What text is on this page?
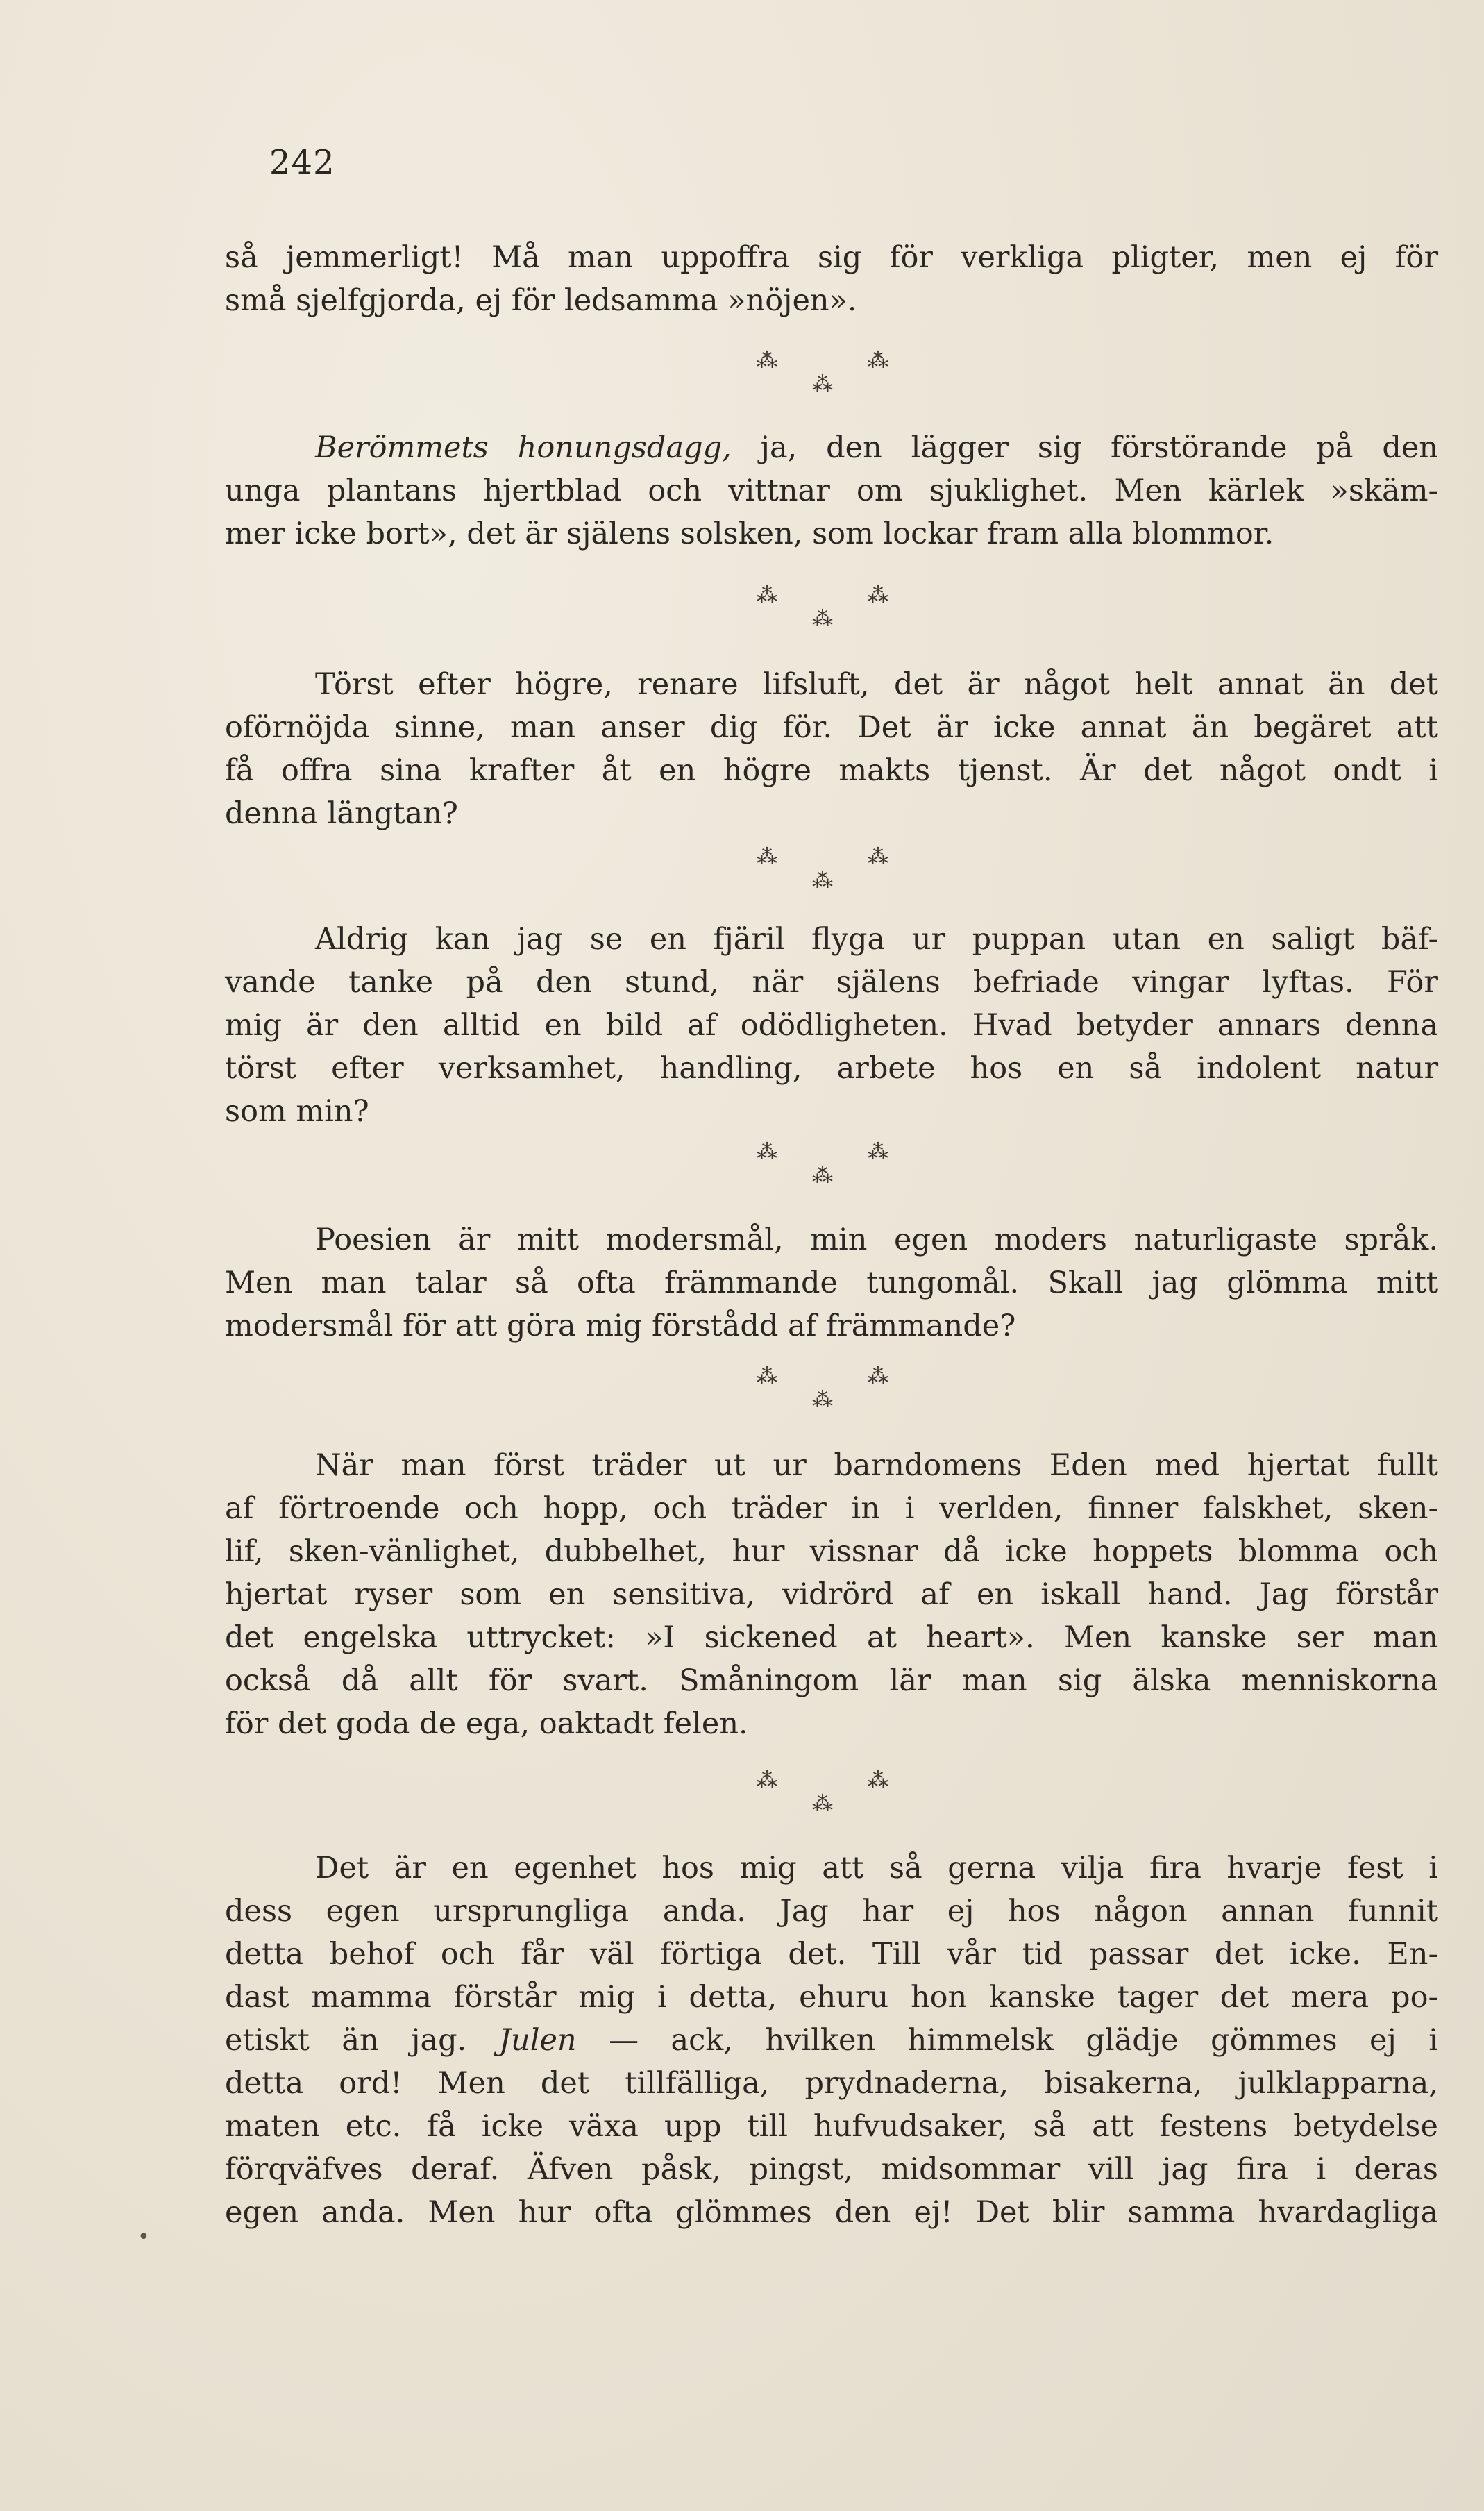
242
så jemmerligt! Må man uppoffra sig för verkliga pligter, men ej för
små sjelfgjorda, ej för ledsamma »nöjen».
⁂	⁂
⁂
Berömmets honungsdagg, ja, den lägger sig förstörande på den
unga plantans hjertblad och vittnar om sjuklighet. Men kärlek »skäm-
mer icke bort», det är själens solsken, som lockar fram alla blommor.
⁂	⁂
⁂
Törst efter högre, renare lifsluft, det är något helt annat än det
oförnöjda sinne, man anser dig för. Det är icke annat än begäret att
få offra sina krafter åt en högre makts tjenst. Är det något ondt i
denna längtan?
⁂	⁂
⁂
Aldrig kan jag se en fjäril flyga ur puppan utan en saligt bäf-
vande tanke på den stund, när själens befriade vingar lyftas. För
mig är den alltid en bild af odödligheten. Hvad betyder annars denna
törst efter verksamhet, handling, arbete hos en så indolent natur
som min?
⁂	⁂
⁂
Poesien är mitt modersmål, min egen moders naturligaste språk.
Men man talar så ofta främmande tungomål. Skall jag glömma mitt
modersmål för att göra mig förstådd af främmande?
⁂	⁂
⁂
När man först träder ut ur barndomens Eden med hjertat fullt
af förtroende och hopp, och träder in i verlden, finner falskhet, sken-
lif, sken-vänlighet, dubbelhet, hur vissnar då icke hoppets blomma och
hjertat ryser som en sensitiva, vidrörd af en iskall hand. Jag förstår
det engelska uttrycket: »I sickened at heart». Men kanske ser man
också då allt för svart. Småningom lär man sig älska menniskorna
för det goda de ega, oaktadt felen.
⁂	⁂
⁂
Det är en egenhet hos mig att så gerna vilja fira hvarje fest i
dess egen ursprungliga anda. Jag har ej hos någon annan funnit
detta behof och får väl förtiga det. Till vår tid passar det icke. En-
dast mamma förstår mig i detta, ehuru hon kanske tager det mera po-
etiskt än jag. Julen — ack, hvilken himmelsk glädje gömmes ej i
detta ord! Men det tillfälliga, prydnaderna, bisakerna, julklapparna,
maten etc. få icke växa upp till hufvudsaker, så att festens betydelse
förqväfves deraf. Äfven påsk, pingst, midsommar vill jag fira i deras
egen anda. Men hur ofta glömmes den ej! Det blir samma hvardagliga
•
